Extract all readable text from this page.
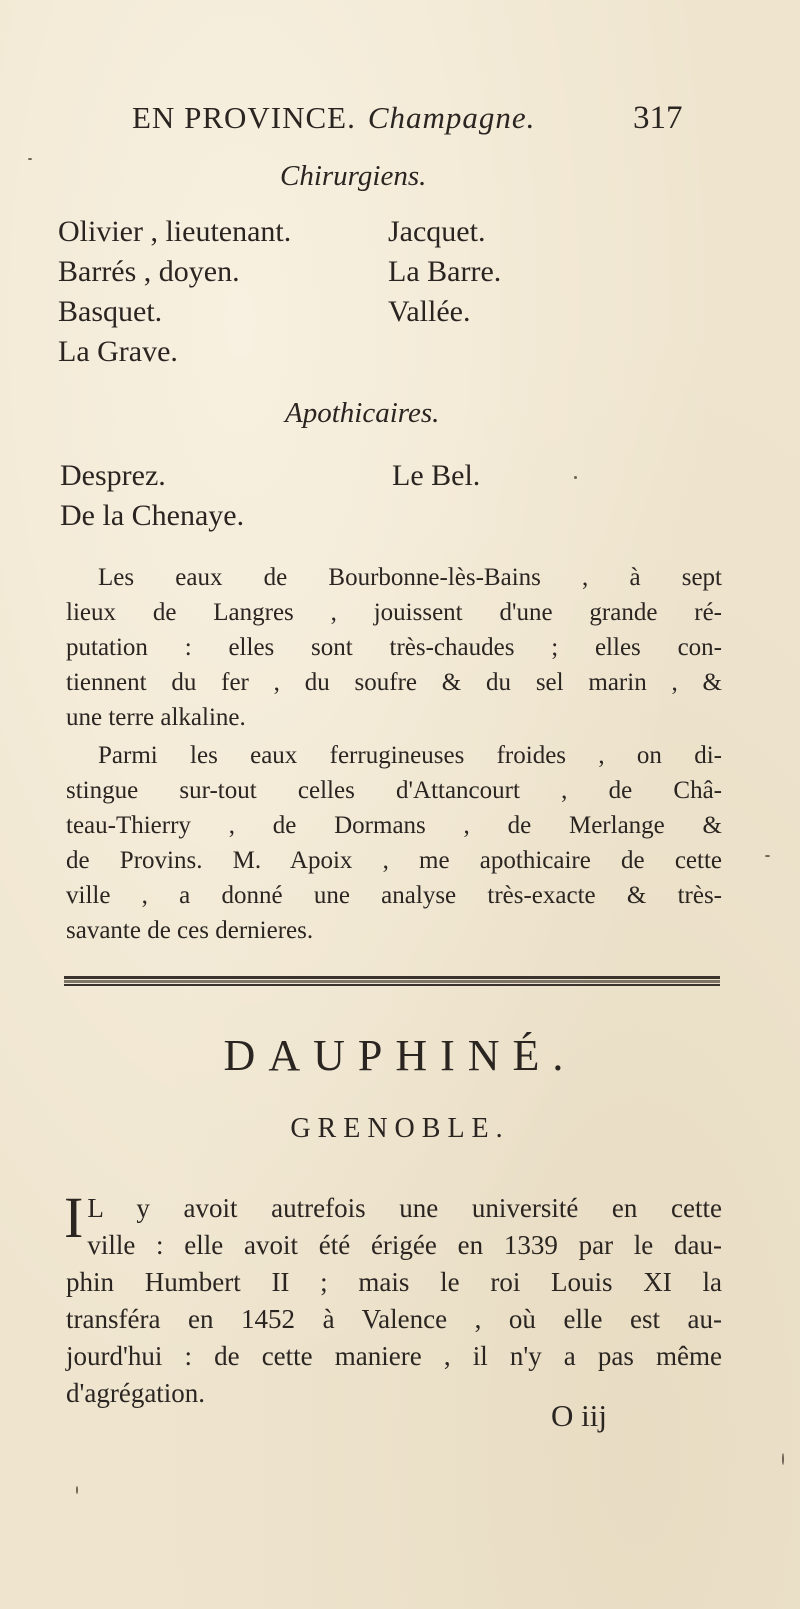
EN PROVINCE. Champagne.	317
Chirurgiens.
Olivier , lieutenant.
Barrés , doyen.
Basquet.
La Grave.
Jacquet.
La Barre.
Vallée.
Apothicaires.
Desprez.
De la Chenaye.
Le Bel.
Les eaux de Bourbonne-lès-Bains , à sept
lieux de Langres , jouissent d'une grande ré-
putation : elles sont très-chaudes ; elles con-
tiennent du fer , du soufre & du sel marin , &
une terre alkaline.
Parmi les eaux ferrugineuses froides , on di-
stingue sur-tout celles d'Attancourt , de Châ-
teau-Thierry , de Dormans , de Merlange &
de Provins. M. Apoix , me apothicaire de cette
ville , a donné une analyse très-exacte & très-
savante de ces dernieres.
DAUPHINÉ.
GRENOBLE.
I L y avoit autrefois une université en cette
ville : elle avoit été érigée en 1339 par le dau-
phin Humbert II ; mais le roi Louis XI la
transféra en 1452 à Valence , où elle est au-
jourd'hui : de cette maniere , il n'y a pas même
d'agrégation.
O iij
